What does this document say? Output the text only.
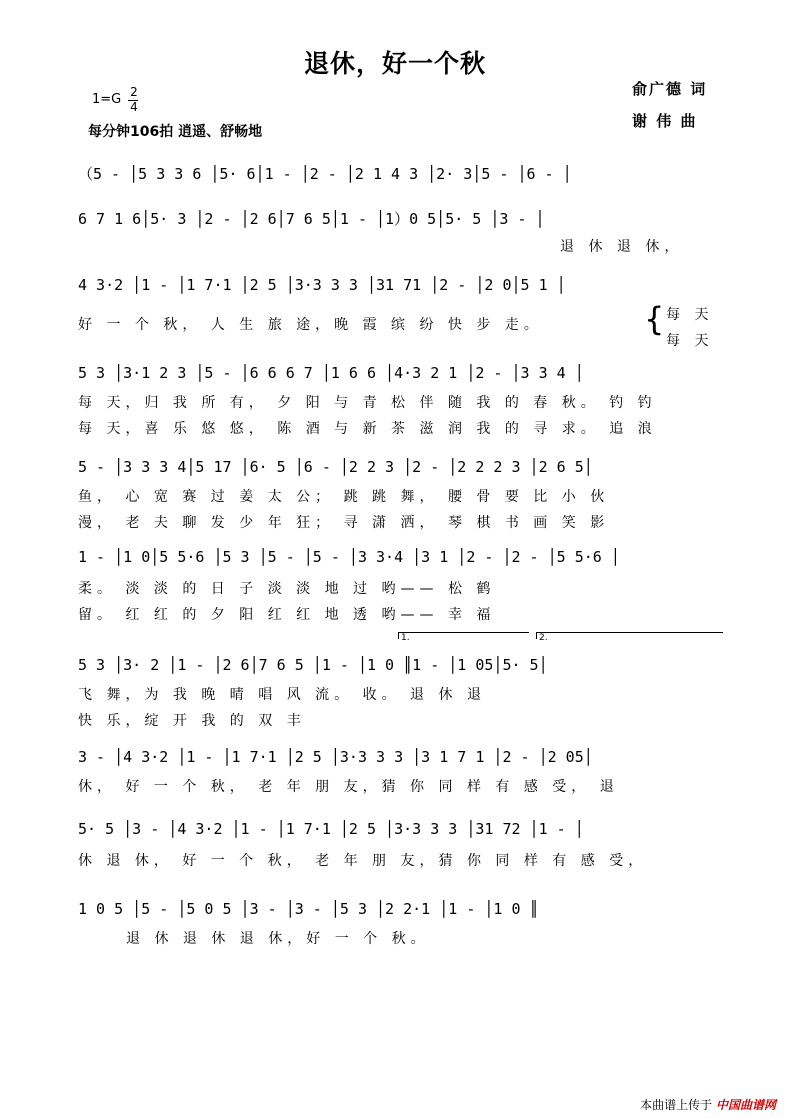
退休，好一个秋
1=G 2
4
每分钟106拍 逍遥、舒畅地
俞广德 词
谢 伟 曲
（5 - │5 3 3 6 │5· 6│1 - │2 - │2 1 4 3 │2· 3│5 - │6 - │
6 7 1 6│5· 3 │2 - │2 6│7 6 5│1 - │1）0 5│5· 5 │3 - │
退 休 退 休，
4 3·2 │1 - │1 7·1 │2 5 │3·3 3 3 │31 71 │2 - │2 0│5 1 │
好 一 个 秋， 人 生 旅 途，晚 霞 缤 纷 快 步 走。	{ 每 天
每 天
5 3 │3·1 2 3 │5 - │6 6 6 7 │1 6 6 │4·3 2 1 │2 - │3 3 4 │
每 天，归 我 所 有， 夕 阳 与 青 松 伴 随 我 的 春 秋。 钓 钓
每 天，喜 乐 悠 悠， 陈 酒 与 新 茶 滋 润 我 的 寻 求。 追 浪
5 - │3 3 3 4│5 17 │6· 5 │6 - │2 2 3 │2 - │2 2 2 3 │2 6 5│
鱼， 心 宽 赛 过 姜 太 公； 跳 跳 舞， 腰 骨 要 比 小 伙
漫， 老 夫 聊 发 少 年 狂； 寻 潇 洒， 琴 棋 书 画 笑 影
1 - │1 0│5 5·6 │5 3 │5 - │5 - │3 3·4 │3 1 │2 - │2 - │5 5·6 │
柔。 淡 淡 的 日 子 淡 淡 地 过 哟—— 松 鹤
留。 红 红 的 夕 阳 红 红 地 透 哟—— 幸 福
1.	2.
5 3 │3· 2 │1 - │2 6│7 6 5 │1 - │1 0 ║1 - │1 05│5· 5│
飞 舞，为 我 晚 晴 唱 风 流。 收。 退 休 退
快 乐，绽 开 我 的 双 丰
3 - │4 3·2 │1 - │1 7·1 │2 5 │3·3 3 3 │3 1 7 1 │2 - │2 05│
休， 好 一 个 秋， 老 年 朋 友，猜 你 同 样 有 感 受， 退
5· 5 │3 - │4 3·2 │1 - │1 7·1 │2 5 │3·3 3 3 │31 72 │1 - │
休 退 休， 好 一 个 秋， 老 年 朋 友，猜 你 同 样 有 感 受，
1 0 5 │5 - │5 0 5 │3 - │3 - │5 3 │2 2·1 │1 - │1 0 ║
退 休 退 休 退 休，好 一 个 秋。
本曲谱上传于 中国曲谱网
